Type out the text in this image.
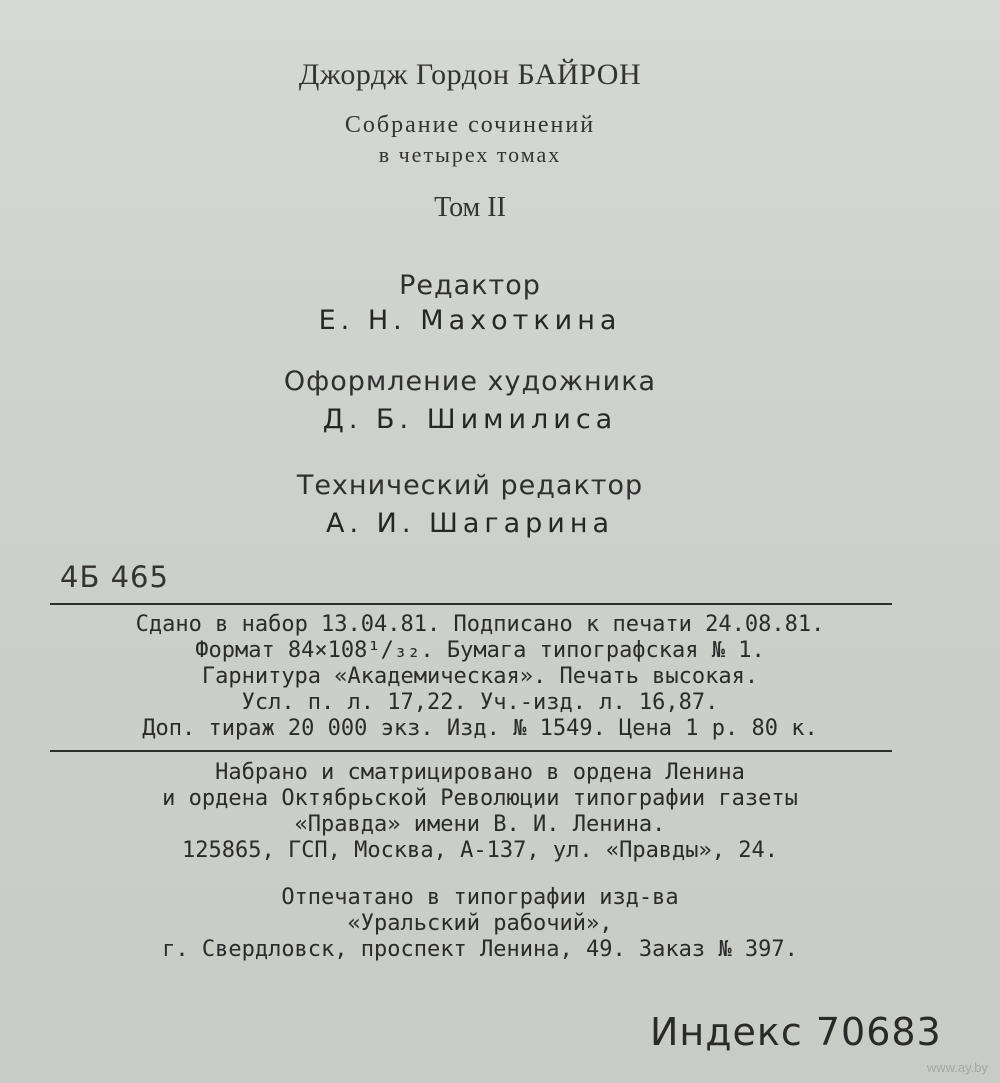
Джордж Гордон БАЙРОН
Собрание сочинений
в четырех томах
Том II
Редактор
Е. Н. Махоткина
Оформление художника
Д. Б. Шимилиса
Технический редактор
А. И. Шагарина
4Б 465
Сдано в набор 13.04.81. Подписано к печати 24.08.81.
Формат 84×108¹/₃₂. Бумага типографская № 1.
Гарнитура «Академическая». Печать высокая.
Усл. п. л. 17,22. Уч.-изд. л. 16,87.
Доп. тираж 20 000 экз. Изд. № 1549. Цена 1 р. 80 к.
Набрано и сматрицировано в ордена Ленина
и ордена Октябрьской Революции типографии газеты
«Правда» имени В. И. Ленина.
125865, ГСП, Москва, А-137, ул. «Правды», 24.
Отпечатано в типографии изд-ва
«Уральский рабочий»,
г. Свердловск, проспект Ленина, 49. Заказ № 397.
Индекс 70683
www.ay.by
